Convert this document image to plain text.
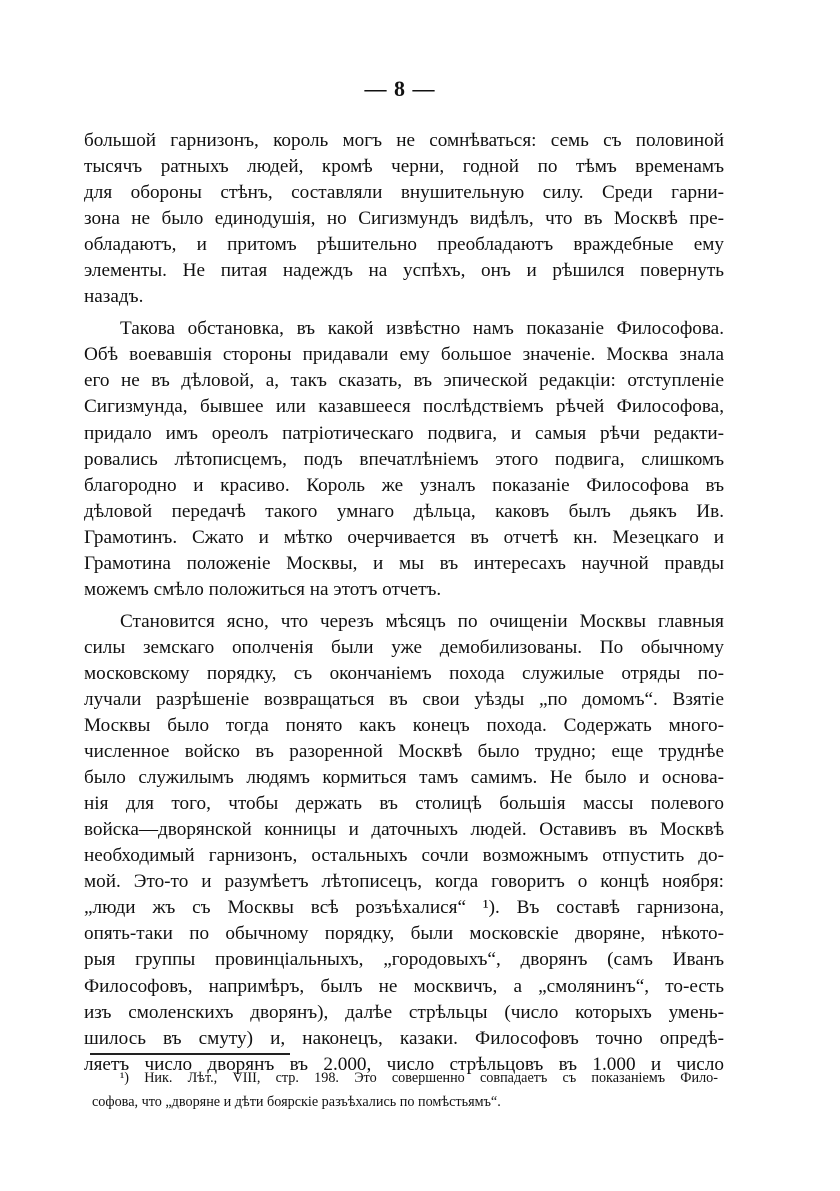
— 8 —
большой гарнизонъ, король могъ не сомнѣваться: семь съ половиной
тысячъ ратныхъ людей, кромѣ черни, годной по тѣмъ временамъ
для обороны стѣнъ, составляли внушительную силу. Среди гарни-
зона не было единодушія, но Сигизмундъ видѣлъ, что въ Москвѣ пре-
обладаютъ, и притомъ рѣшительно преобладаютъ враждебные ему
элементы. Не питая надеждъ на успѣхъ, онъ и рѣшился повернуть
назадъ.
Такова обстановка, въ какой извѣстно намъ показаніе Философова.
Обѣ воевавшія стороны придавали ему большое значеніе. Москва знала
его не въ дѣловой, а, такъ сказать, въ эпической редакціи: отступленіе
Сигизмунда, бывшее или казавшееся послѣдствіемъ рѣчей Философова,
придало имъ ореолъ патріотическаго подвига, и самыя рѣчи редакти-
ровались лѣтописцемъ, подъ впечатлѣніемъ этого подвига, слишкомъ
благородно и красиво. Король же узналъ показаніе Философова въ
дѣловой передачѣ такого умнаго дѣльца, каковъ былъ дьякъ Ив.
Грамотинъ. Сжато и мѣтко очерчивается въ отчетѣ кн. Мезецкаго и
Грамотина положеніе Москвы, и мы въ интересахъ научной правды
можемъ смѣло положиться на этотъ отчетъ.
Становится ясно, что черезъ мѣсяцъ по очищеніи Москвы главныя
силы земскаго ополченія были уже демобилизованы. По обычному
московскому порядку, съ окончаніемъ похода служилые отряды по-
лучали разрѣшеніе возвращаться въ свои уѣзды „по домомъ“. Взятіе
Москвы было тогда понято какъ конецъ похода. Содержать много-
численное войско въ разоренной Москвѣ было трудно; еще труднѣе
было служилымъ людямъ кормиться тамъ самимъ. Не было и основа-
нія для того, чтобы держать въ столицѣ большія массы полевого
войска—дворянской конницы и даточныхъ людей. Оставивъ въ Москвѣ
необходимый гарнизонъ, остальныхъ сочли возможнымъ отпустить до-
мой. Это-то и разумѣетъ лѣтописецъ, когда говоритъ о концѣ ноября:
„люди жъ съ Москвы всѣ розъѣхалися“ ¹). Въ составѣ гарнизона,
опять-таки по обычному порядку, были московскіе дворяне, нѣкото-
рыя группы провинціальныхъ, „городовыхъ“, дворянъ (самъ Иванъ
Философовъ, напримѣръ, былъ не москвичъ, а „смолянинъ“, то-есть
изъ смоленскихъ дворянъ), далѣе стрѣльцы (число которыхъ умень-
шилось въ смуту) и, наконецъ, казаки. Философовъ точно опредѣ-
ляетъ число дворянъ въ 2.000, число стрѣльцовъ въ 1.000 и число
¹) Ник. Лѣт., VIII, стр. 198. Это совершенно совпадаетъ съ показаніемъ Фило-
софова, что „дворяне и дѣти боярскіе разъѣхались по помѣстьямъ“.
